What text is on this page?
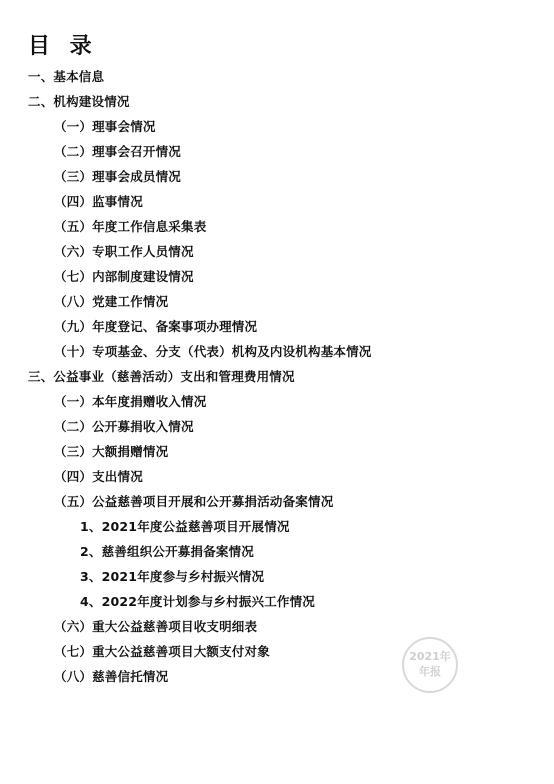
目 录
一、基本信息
二、机构建设情况
（一）理事会情况
（二）理事会召开情况
（三）理事会成员情况
（四）监事情况
（五）年度工作信息采集表
（六）专职工作人员情况
（七）内部制度建设情况
（八）党建工作情况
（九）年度登记、备案事项办理情况
（十）专项基金、分支（代表）机构及内设机构基本情况
三、公益事业（慈善活动）支出和管理费用情况
（一）本年度捐赠收入情况
（二）公开募捐收入情况
（三）大额捐赠情况
（四）支出情况
（五）公益慈善项目开展和公开募捐活动备案情况
1、2021年度公益慈善项目开展情况
2、慈善组织公开募捐备案情况
3、2021年度参与乡村振兴情况
4、2022年度计划参与乡村振兴工作情况
（六）重大公益慈善项目收支明细表
（七）重大公益慈善项目大额支付对象
（八）慈善信托情况
2021年
年报
